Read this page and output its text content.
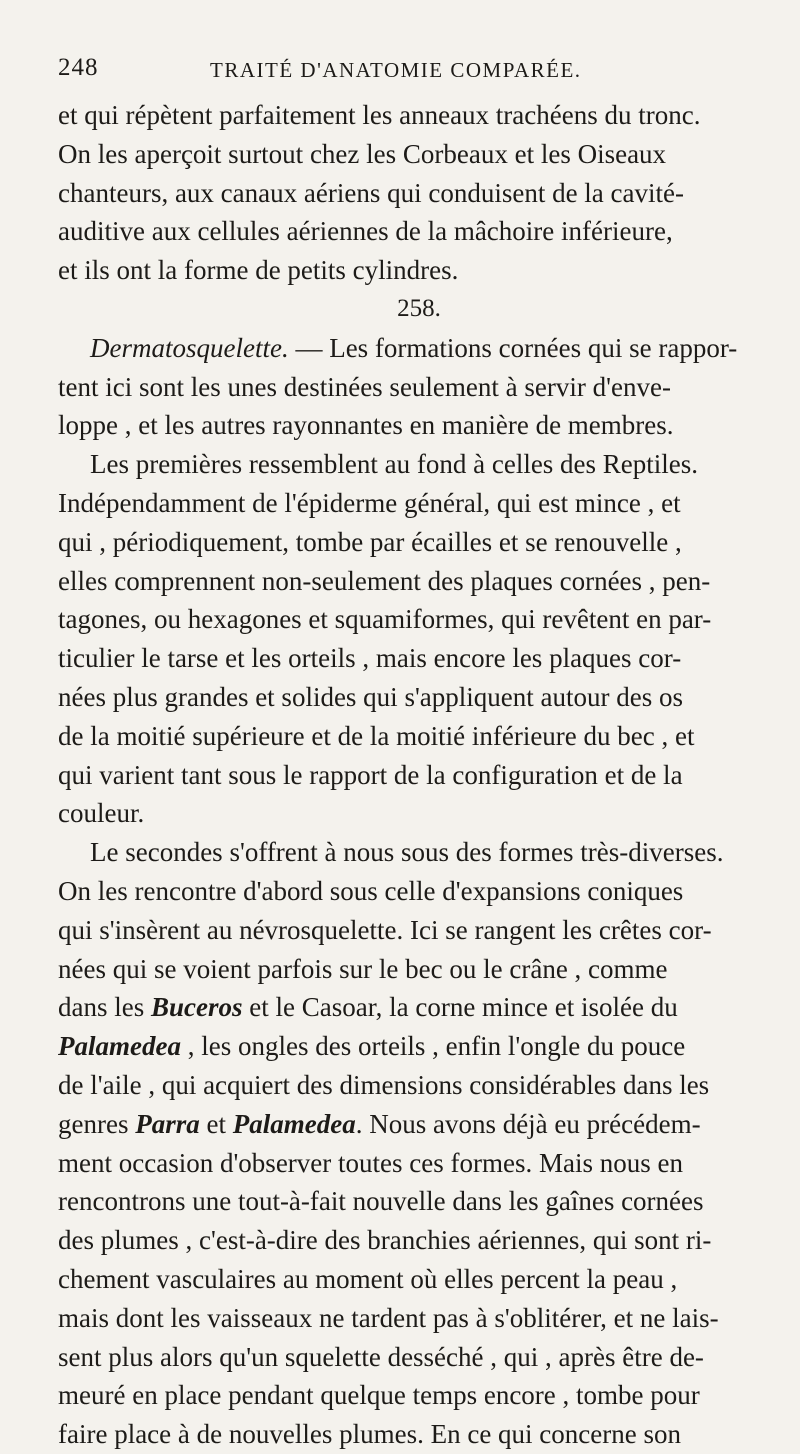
248	TRAITÉ D'ANATOMIE COMPARÉE.
et qui répètent parfaitement les anneaux trachéens du tronc.
On les aperçoit surtout chez les Corbeaux et les Oiseaux
chanteurs, aux canaux aériens qui conduisent de la cavité-
auditive aux cellules aériennes de la mâchoire inférieure,
et ils ont la forme de petits cylindres.
258.
Dermatosquelette. — Les formations cornées qui se rappor-
tent ici sont les unes destinées seulement à servir d'enve-
loppe , et les autres rayonnantes en manière de membres.
Les premières ressemblent au fond à celles des Reptiles.
Indépendamment de l'épiderme général, qui est mince , et
qui , périodiquement, tombe par écailles et se renouvelle ,
elles comprennent non-seulement des plaques cornées , pen-
tagones, ou hexagones et squamiformes, qui revêtent en par-
ticulier le tarse et les orteils , mais encore les plaques cor-
nées plus grandes et solides qui s'appliquent autour des os
de la moitié supérieure et de la moitié inférieure du bec , et
qui varient tant sous le rapport de la configuration et de la
couleur.
Le secondes s'offrent à nous sous des formes très-diverses.
On les rencontre d'abord sous celle d'expansions coniques
qui s'insèrent au névrosquelette. Ici se rangent les crêtes cor-
nées qui se voient parfois sur le bec ou le crâne , comme
dans les Buceros et le Casoar, la corne mince et isolée du
Palamedea , les ongles des orteils , enfin l'ongle du pouce
de l'aile , qui acquiert des dimensions considérables dans les
genres Parra et Palamedea. Nous avons déjà eu précédem-
ment occasion d'observer toutes ces formes. Mais nous en
rencontrons une tout-à-fait nouvelle dans les gaînes cornées
des plumes , c'est-à-dire des branchies aériennes, qui sont ri-
chement vasculaires au moment où elles percent la peau ,
mais dont les vaisseaux ne tardent pas à s'oblitérer, et ne lais-
sent plus alors qu'un squelette desséché , qui , après être de-
meuré en place pendant quelque temps encore , tombe pour
faire place à de nouvelles plumes. En ce qui concerne son
